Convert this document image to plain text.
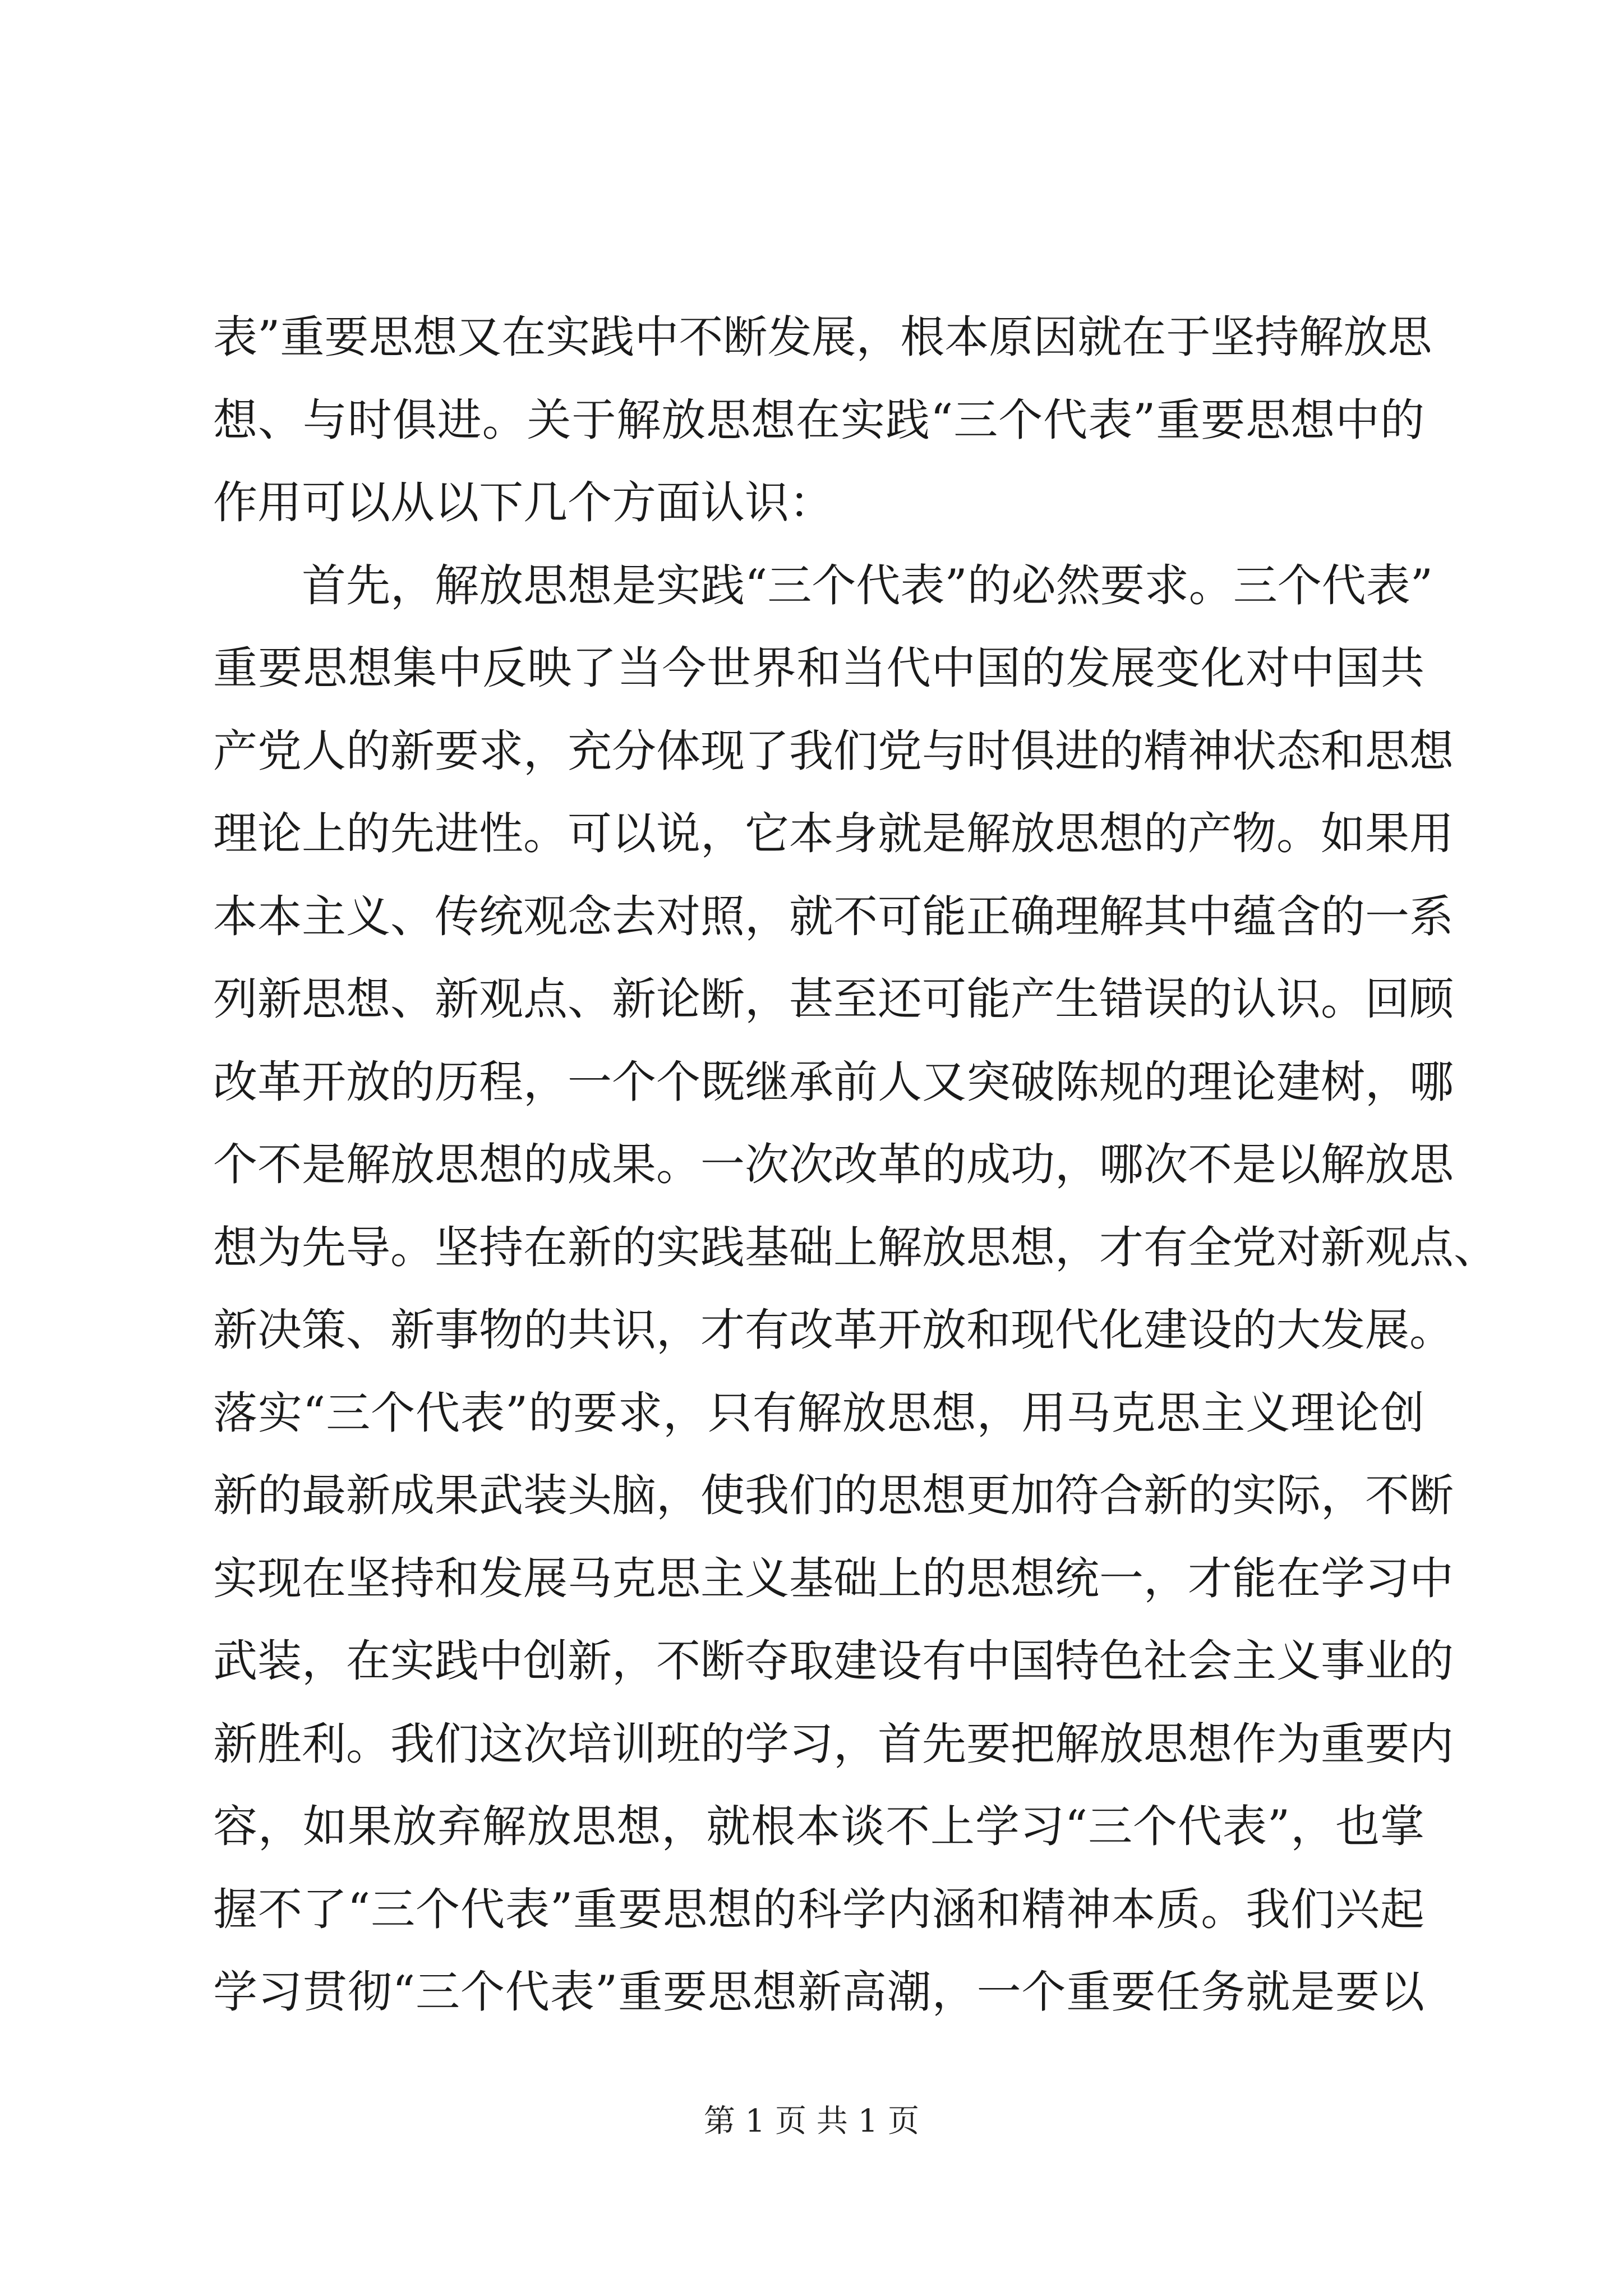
表”重要思想又在实践中不断发展，根本原因就在于坚持解放思
想、与时俱进。关于解放思想在实践“三个代表”重要思想中的
作用可以从以下几个方面认识：
　　首先，解放思想是实践“三个代表”的必然要求。三个代表”
重要思想集中反映了当今世界和当代中国的发展变化对中国共
产党人的新要求，充分体现了我们党与时俱进的精神状态和思想
理论上的先进性。可以说，它本身就是解放思想的产物。如果用
本本主义、传统观念去对照，就不可能正确理解其中蕴含的一系
列新思想、新观点、新论断，甚至还可能产生错误的认识。回顾
改革开放的历程，一个个既继承前人又突破陈规的理论建树，哪
个不是解放思想的成果。一次次改革的成功，哪次不是以解放思
想为先导。坚持在新的实践基础上解放思想，才有全党对新观点、
新决策、新事物的共识，才有改革开放和现代化建设的大发展。
落实“三个代表”的要求，只有解放思想，用马克思主义理论创
新的最新成果武装头脑，使我们的思想更加符合新的实际，不断
实现在坚持和发展马克思主义基础上的思想统一，才能在学习中
武装，在实践中创新，不断夺取建设有中国特色社会主义事业的
新胜利。我们这次培训班的学习，首先要把解放思想作为重要内
容，如果放弃解放思想，就根本谈不上学习“三个代表”，也掌
握不了“三个代表”重要思想的科学内涵和精神本质。我们兴起
学习贯彻“三个代表”重要思想新高潮，一个重要任务就是要以
第 1 页 共 1 页
